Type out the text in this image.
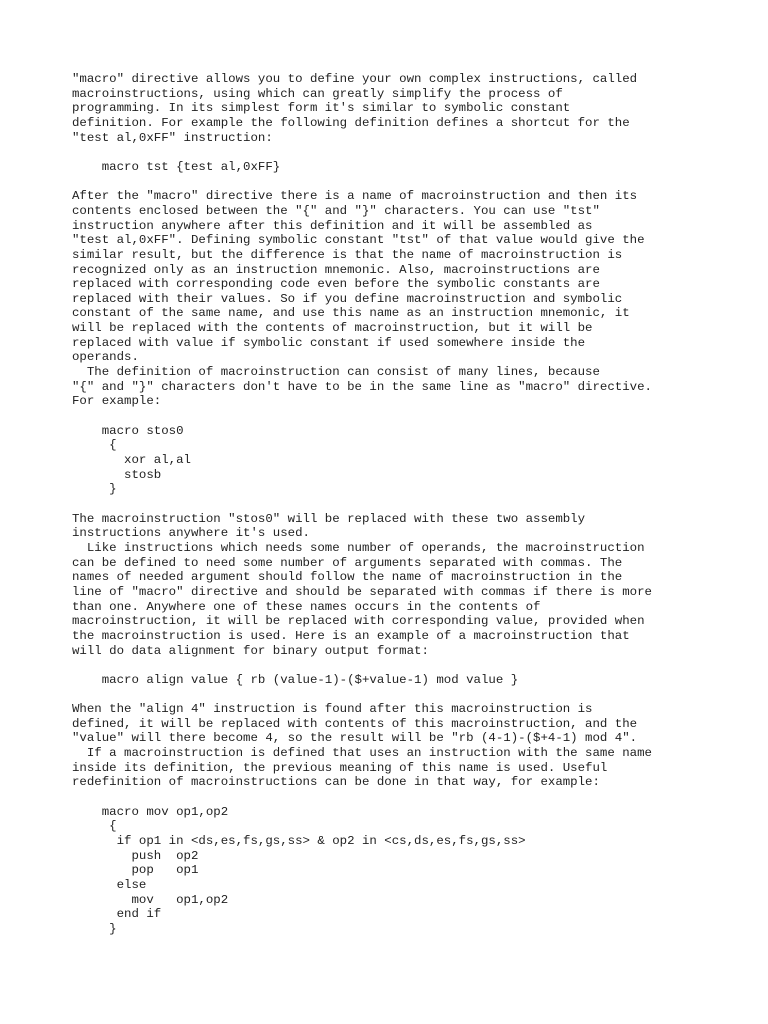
"macro" directive allows you to define your own complex instructions, called
macroinstructions, using which can greatly simplify the process of
programming. In its simplest form it's similar to symbolic constant
definition. For example the following definition defines a shortcut for the
"test al,0xFF" instruction:
macro tst {test al,0xFF}
After the "macro" directive there is a name of macroinstruction and then its
contents enclosed between the "{" and "}" characters. You can use "tst"
instruction anywhere after this definition and it will be assembled as
"test al,0xFF". Defining symbolic constant "tst" of that value would give the
similar result, but the difference is that the name of macroinstruction is
recognized only as an instruction mnemonic. Also, macroinstructions are
replaced with corresponding code even before the symbolic constants are
replaced with their values. So if you define macroinstruction and symbolic
constant of the same name, and use this name as an instruction mnemonic, it
will be replaced with the contents of macroinstruction, but it will be
replaced with value if symbolic constant if used somewhere inside the
operands.
The definition of macroinstruction can consist of many lines, because
"{" and "}" characters don't have to be in the same line as "macro" directive.
For example:
macro stos0
{
xor al,al
stosb
}
The macroinstruction "stos0" will be replaced with these two assembly
instructions anywhere it's used.
Like instructions which needs some number of operands, the macroinstruction
can be defined to need some number of arguments separated with commas. The
names of needed argument should follow the name of macroinstruction in the
line of "macro" directive and should be separated with commas if there is more
than one. Anywhere one of these names occurs in the contents of
macroinstruction, it will be replaced with corresponding value, provided when
the macroinstruction is used. Here is an example of a macroinstruction that
will do data alignment for binary output format:
macro align value { rb (value-1)-($+value-1) mod value }
When the "align 4" instruction is found after this macroinstruction is
defined, it will be replaced with contents of this macroinstruction, and the
"value" will there become 4, so the result will be "rb (4-1)-($+4-1) mod 4".
If a macroinstruction is defined that uses an instruction with the same name
inside its definition, the previous meaning of this name is used. Useful
redefinition of macroinstructions can be done in that way, for example:
macro mov op1,op2
{
if op1 in <ds,es,fs,gs,ss> & op2 in <cs,ds,es,fs,gs,ss>
push  op2
pop   op1
else
mov   op1,op2
end if
}
